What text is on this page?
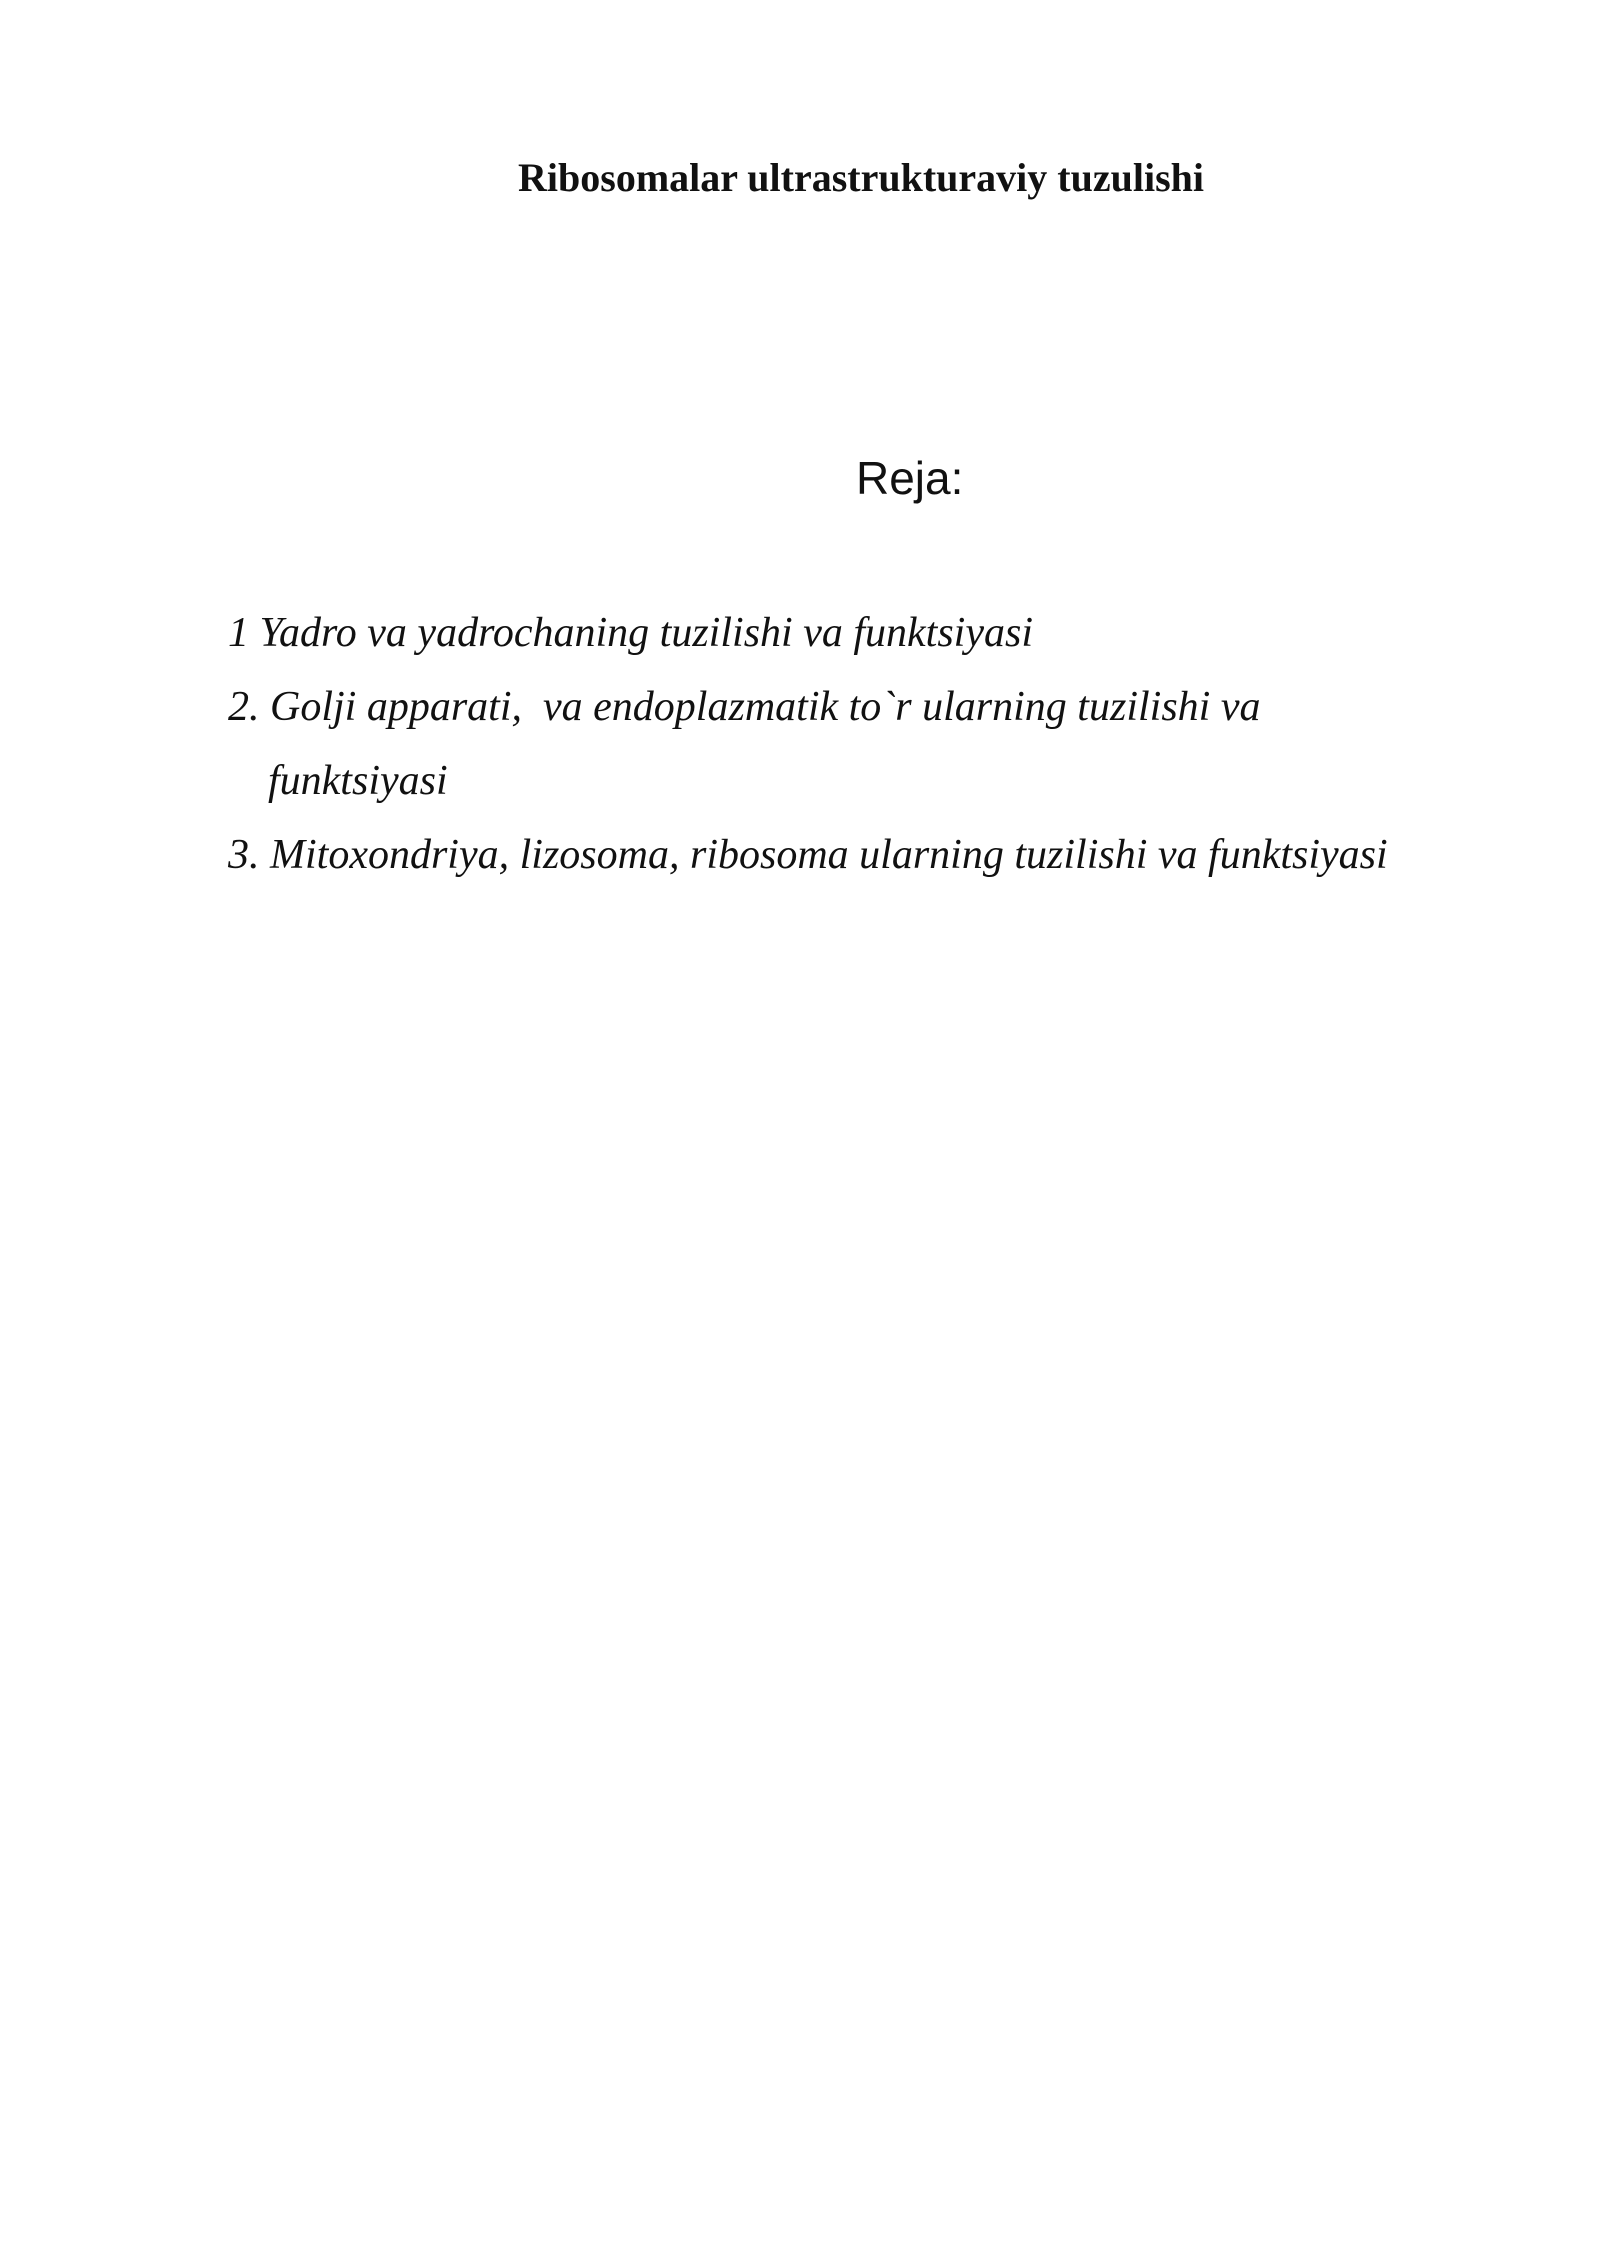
Ribosomalar ultrastrukturaviy tuzulishi
Reja:
1 Yadro va yadrochaning tuzilishi va funktsiyasi
2. Golji apparati,  va endoplazmatik to`r ularning tuzilishi va
funktsiyasi
3. Mitoxondriya, lizosoma, ribosoma ularning tuzilishi va funktsiyasi
